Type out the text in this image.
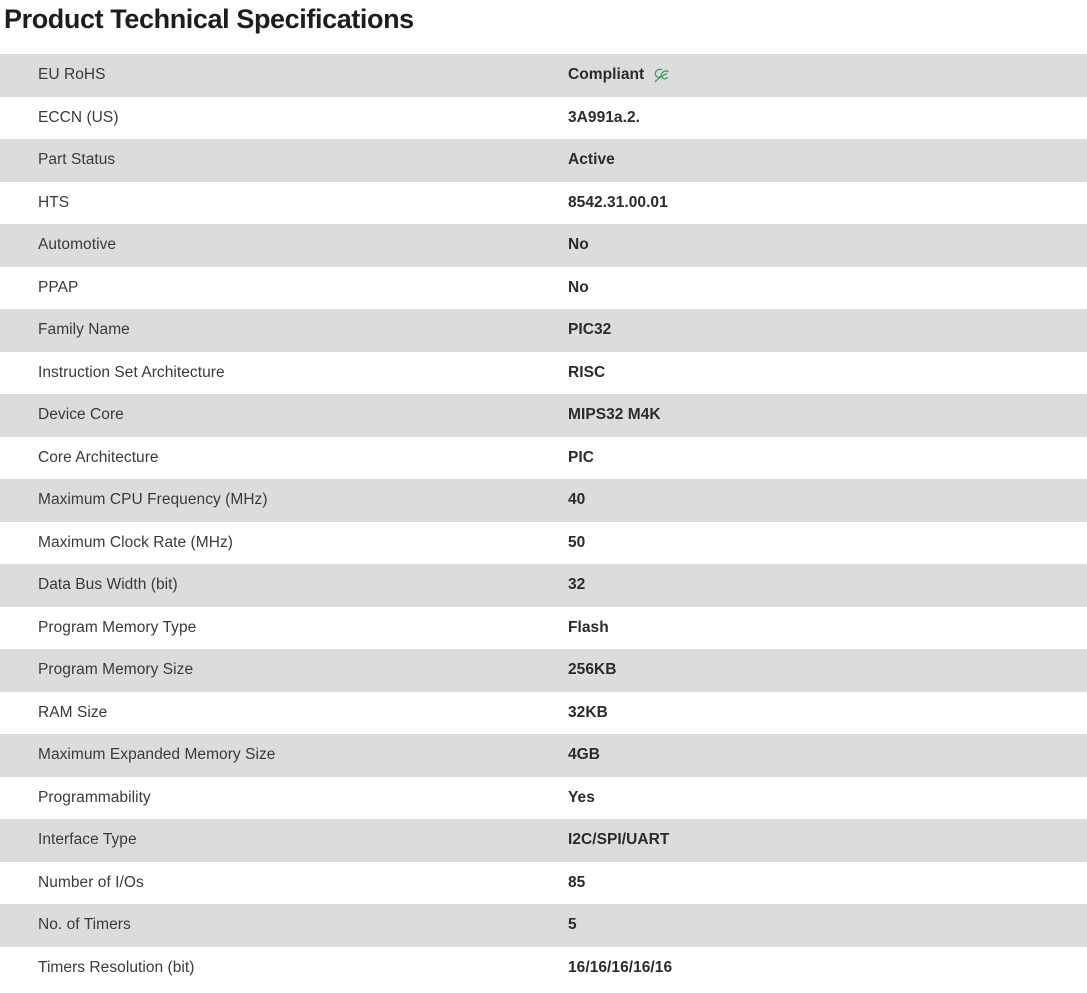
Product Technical Specifications
EU RoHS	Compliant

ECCN (US)	3A991a.2.

Part Status	Active

HTS	8542.31.00.01

Automotive	No

PPAP	No

Family Name	PIC32

Instruction Set Architecture	RISC

Device Core	MIPS32 M4K

Core Architecture	PIC

Maximum CPU Frequency (MHz)	40

Maximum Clock Rate (MHz)	50

Data Bus Width (bit)	32

Program Memory Type	Flash

Program Memory Size	256KB

RAM Size	32KB

Maximum Expanded Memory Size	4GB

Programmability	Yes

Interface Type	I2C/SPI/UART

Number of I/Os	85

No. of Timers	5

Timers Resolution (bit)	16/16/16/16/16
